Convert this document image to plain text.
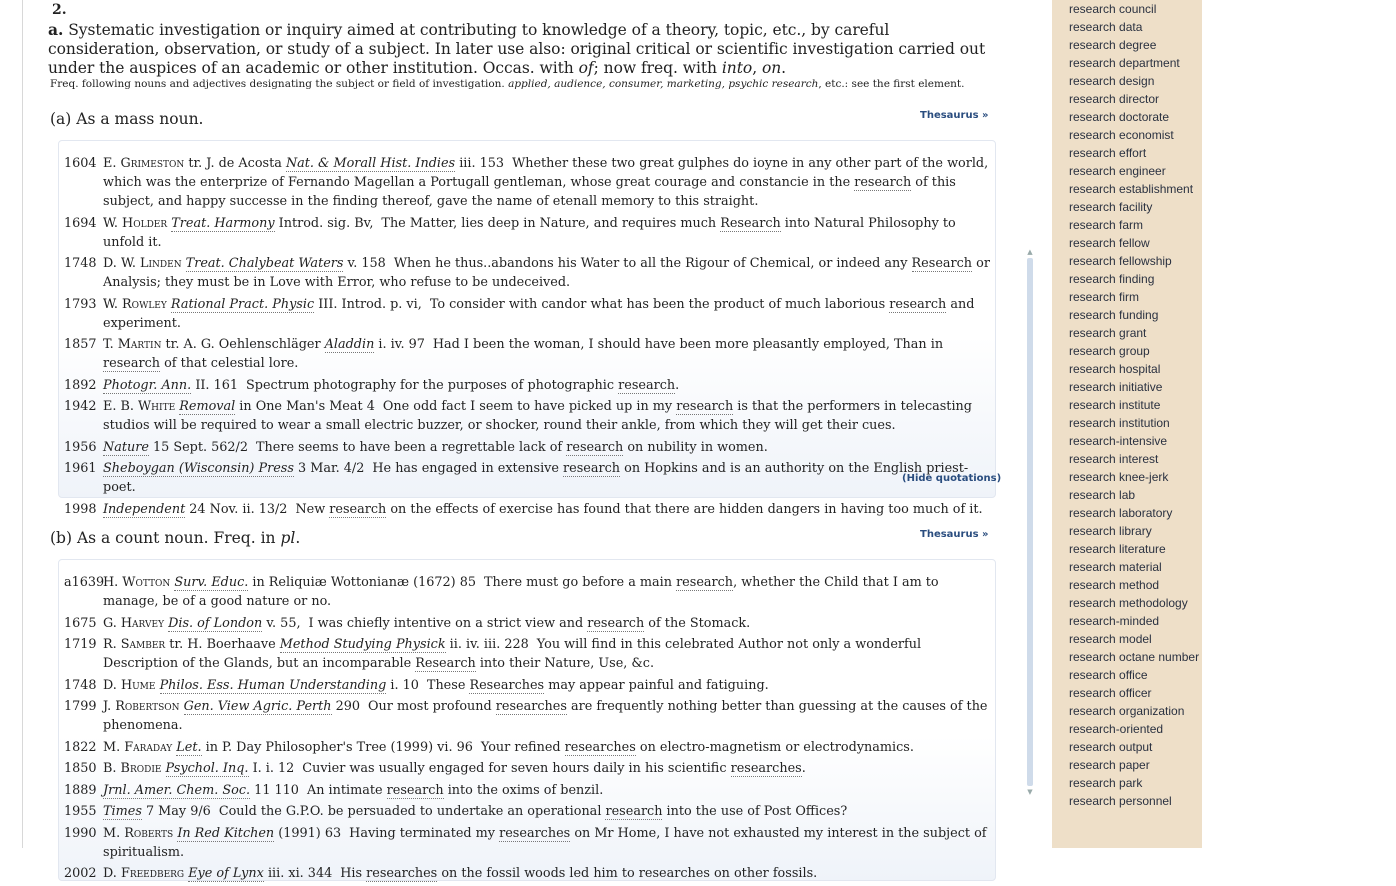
2.
a. Systematic investigation or inquiry aimed at contributing to knowledge of a theory, topic, etc., by careful consideration, observation, or study of a subject. In later use also: original critical or scientific investigation carried out under the auspices of an academic or other institution. Occas. with of; now freq. with into, on.
Freq. following nouns and adjectives designating the subject or field of investigation. applied, audience, consumer, marketing, psychic research, etc.: see the first element.
(a) As a mass noun.	Thesaurus »
1604 E. Grimeston tr. J. de Acosta Nat. & Morall Hist. Indies iii. 153 Whether these two great gulphes do ioyne in any other part of the world, which was the enterprize of Fernando Magellan a Portugall gentleman, whose great courage and constancie in the research of this subject, and happy successe in the finding thereof, gave the name of etenall memory to this straight.
1694 W. Holder Treat. Harmony Introd. sig. Bv, The Matter, lies deep in Nature, and requires much Research into Natural Philosophy to unfold it.
1748 D. W. Linden Treat. Chalybeat Waters v. 158 When he thus..abandons his Water to all the Rigour of Chemical, or indeed any Research or Analysis; they must be in Love with Error, who refuse to be undeceived.
1793 W. Rowley Rational Pract. Physic III. Introd. p. vi, To consider with candor what has been the product of much laborious research and experiment.
1857 T. Martin tr. A. G. Oehlenschläger Aladdin i. iv. 97 Had I been the woman, I should have been more pleasantly employed, Than in research of that celestial lore.
1892 Photogr. Ann. II. 161 Spectrum photography for the purposes of photographic research.
1942 E. B. White Removal in One Man's Meat 4 One odd fact I seem to have picked up in my research is that the performers in telecasting studios will be required to wear a small electric buzzer, or shocker, round their ankle, from which they will get their cues.
1956 Nature 15 Sept. 562/2 There seems to have been a regrettable lack of research on nubility in women.
1961 Sheboygan (Wisconsin) Press 3 Mar. 4/2 He has engaged in extensive research on Hopkins and is an authority on the English priest-poet.
1998 Independent 24 Nov. ii. 13/2 New research on the effects of exercise has found that there are hidden dangers in having too much of it.
(Hide quotations)
(b) As a count noun. Freq. in pl.	Thesaurus »
a1639
H. Wotton Surv. Educ. in Reliquiæ Wottonianæ (1672) 85 There must go before a main research, whether the Child that I am to manage, be of a good nature or no.
1675 G. Harvey Dis. of London v. 55, I was chiefly intentive on a strict view and research of the Stomack.
1719 R. Samber tr. H. Boerhaave Method Studying Physick ii. iv. iii. 228 You will find in this celebrated Author not only a wonderful Description of the Glands, but an incomparable Research into their Nature, Use, &c.
1748 D. Hume Philos. Ess. Human Understanding i. 10 These Researches may appear painful and fatiguing.
1799 J. Robertson Gen. View Agric. Perth 290 Our most profound researches are frequently nothing better than guessing at the causes of the phenomena.
1822 M. Faraday Let. in P. Day Philosopher's Tree (1999) vi. 96 Your refined researches on electro-magnetism or electrodynamics.
1850 B. Brodie Psychol. Inq. I. i. 12 Cuvier was usually engaged for seven hours daily in his scientific researches.
1889 Jrnl. Amer. Chem. Soc. 11 110 An intimate research into the oxims of benzil.
1955 Times 7 May 9/6 Could the G.P.O. be persuaded to undertake an operational research into the use of Post Offices?
1990 M. Roberts In Red Kitchen (1991) 63 Having terminated my researches on Mr Home, I have not exhausted my interest in the subject of spiritualism.
2002 D. Freedberg Eye of Lynx iii. xi. 344 His researches on the fossil woods led him to researches on other fossils.
▲
▼
research council
research data
research degree
research department
research design
research director
research doctorate
research economist
research effort
research engineer
research establishment
research facility
research farm
research fellow
research fellowship
research finding
research firm
research funding
research grant
research group
research hospital
research initiative
research institute
research institution
research-intensive
research interest
research knee-jerk
research lab
research laboratory
research library
research literature
research material
research method
research methodology
research-minded
research model
research octane number
research office
research officer
research organization
research-oriented
research output
research paper
research park
research personnel
